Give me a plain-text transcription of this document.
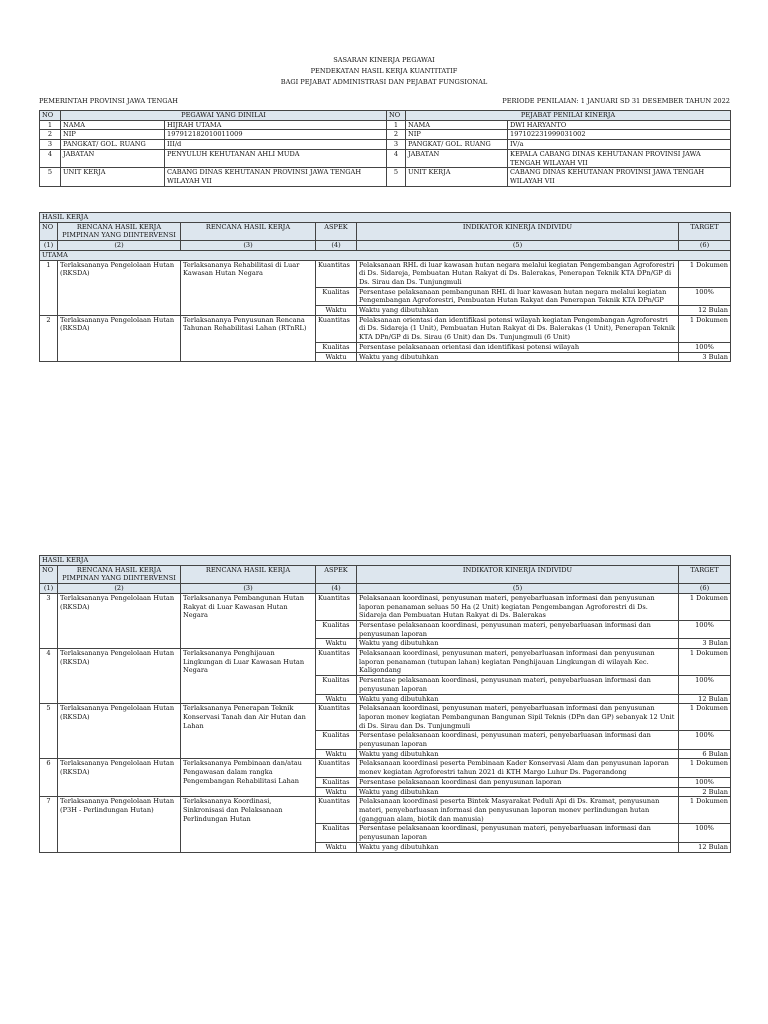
SASARAN KINERJA PEGAWAI
PENDEKATAN HASIL KERJA KUANTITATIF
BAGI PEJABAT ADMINISTRASI DAN PEJABAT FUNGSIONAL
PEMERINTAH PROVINSI JAWA TENGAH	PERIODE PENILAIAN: 1 JANUARI SD 31 DESEMBER TAHUN 2022
NO	PEGAWAI YANG DINILAI		NO	PEJABAT PENILAI KINERJA	
1	NAMA	HIJRAH UTAMA	1	NAMA	DWI HARYANTO
2	NIP	197912182010011009	2	NIP	197102231999031002
3	PANGKAT/ GOL. RUANG	III/d	3	PANGKAT/ GOL. RUANG	IV/a
4	JABATAN	PENYULUH KEHUTANAN AHLI MUDA	4	JABATAN	KEPALA CABANG DINAS KEHUTANAN PROVINSI JAWA TENGAH WILAYAH VII
5	UNIT KERJA	CABANG DINAS KEHUTANAN PROVINSI JAWA TENGAH WILAYAH VII	5	UNIT KERJA	CABANG DINAS KEHUTANAN PROVINSI JAWA TENGAH WILAYAH VII
HASIL KERJA					
NO	RENCANA HASIL KERJA PIMPINAN YANG DIINTERVENSI	RENCANA HASIL KERJA	ASPEK	INDIKATOR KINERJA INDIVIDU	TARGET
(1)	(2)	(3)	(4)	(5)	(6)
UTAMA					
1	Terlaksananya Pengelolaan Hutan (RKSDA)	Terlaksananya Rehabilitasi di Luar Kawasan Hutan Negara	Kuantitas	Pelaksanaan RHL di luar kawasan hutan negara melalui kegiatan Pengembangan Agroforestri di Ds. Sidareja, Pembuatan Hutan Rakyat di Ds. Balerakas, Penerapan Teknik KTA DPn/GP di Ds. Sirau dan Ds. Tunjungmuli	1 Dokumen
			Kualitas	Persentase pelaksanaan pembangunan RHL di luar kawasan hutan negara melalui kegiatan Pengembangan Agroforestri, Pembuatan Hutan Rakyat dan Penerapan Teknik KTA DPn/GP	100%
			Waktu	Waktu yang dibutuhkan	12 Bulan
2	Terlaksananya Pengelolaan Hutan (RKSDA)	Terlaksananya Penyusunan Rencana Tahunan Rehabilitasi Lahan (RTnRL)	Kuantitas	Pelaksanaan orientasi dan identifikasi potensi wilayah kegiatan Pengembangan Agroforestri di Ds. Sidareja (1 Unit), Pembuatan Hutan Rakyat di Ds. Balerakas (1 Unit), Penerapan Teknik KTA DPn/GP di Ds. Sirau (6 Unit) dan Ds. Tunjungmuli (6 Unit)	1 Dokumen
			Kualitas	Persentase pelaksanaan orientasi dan identifikasi potensi wilayah	100%
			Waktu	Waktu yang dibutuhkan	3 Bulan
HASIL KERJA					
NO	RENCANA HASIL KERJA PIMPINAN YANG DIINTERVENSI	RENCANA HASIL KERJA	ASPEK	INDIKATOR KINERJA INDIVIDU	TARGET
(1)	(2)	(3)	(4)	(5)	(6)
3	Terlaksananya Pengelolaan Hutan (RKSDA)	Terlaksananya Pembangunan Hutan Rakyat di Luar Kawasan Hutan Negara	Kuantitas	Pelaksanaan koordinasi, penyusunan materi, penyebarluasan informasi dan penyusunan laporan penanaman seluas 50 Ha (2 Unit) kegiatan Pengembangan Agroforestri di Ds. Sidareja dan Pembuatan Hutan Rakyat di Ds. Balerakas	1 Dokumen
			Kualitas	Persentase pelaksanaan koordinasi, penyusunan materi, penyebarluasan informasi dan penyusunan laporan	100%
			Waktu	Waktu yang dibutuhkan	3 Bulan
4	Terlaksananya Pengelolaan Hutan (RKSDA)	Terlaksananya Penghijauan Lingkungan di Luar Kawasan Hutan Negara	Kuantitas	Pelaksanaan koordinasi, penyusunan materi, penyebarluasan informasi dan penyusunan laporan penanaman (tutupan lahan) kegiatan Penghijauan Lingkungan di wilayah Kec. Kaligondang	1 Dokumen
			Kualitas	Persentase pelaksanaan koordinasi, penyusunan materi, penyebarluasan informasi dan penyusunan laporan	100%
			Waktu	Waktu yang dibutuhkan	12 Bulan
5	Terlaksananya Pengelolaan Hutan (RKSDA)	Terlaksananya Penerapan Teknik Konservasi Tanah dan Air Hutan dan Lahan	Kuantitas	Pelaksanaan koordinasi, penyusunan materi, penyebarluasan informasi dan penyusunan laporan monev kegiatan Pembangunan Bangunan Sipil Teknis (DPn dan GP) sebanyak 12 Unit di Ds. Sirau dan Ds. Tunjungmuli	1 Dokumen
			Kualitas	Persentase pelaksanaan koordinasi, penyusunan materi, penyebarluasan informasi dan penyusunan laporan	100%
			Waktu	Waktu yang dibutuhkan	6 Bulan
6	Terlaksananya Pengelolaan Hutan (RKSDA)	Terlaksananya Pembinaan dan/atau Pengawasan dalam rangka Pengembangan Rehabilitasi Lahan	Kuantitas	Pelaksanaan koordinasi peserta Pembinaan Kader Konservasi Alam dan penyusunan laporan monev kegiatan Agroforestri tahun 2021 di KTH Margo Luhur Ds. Pagerandong	1 Dokumen
			Kualitas	Persentase pelaksanaan koordinasi dan penyusunan laporan	100%
			Waktu	Waktu yang dibutuhkan	2 Bulan
7	Terlaksananya Pengelolaan Hutan (P3H - Perlindungan Hutan)	Terlaksananya Koordinasi, Sinkronisasi dan Pelaksanaan Perlindungan Hutan	Kuantitas	Pelaksanaan koordinasi peserta Bintek Masyarakat Peduli Api di Ds. Kramat, penyusunan materi, penyebarluasan informasi dan penyusunan laporan monev perlindungan hutan (gangguan alam, biotik dan manusia)	1 Dokumen
			Kualitas	Persentase pelaksanaan koordinasi, penyusunan materi, penyebarluasan informasi dan penyusunan laporan	100%
			Waktu	Waktu yang dibutuhkan	12 Bulan
